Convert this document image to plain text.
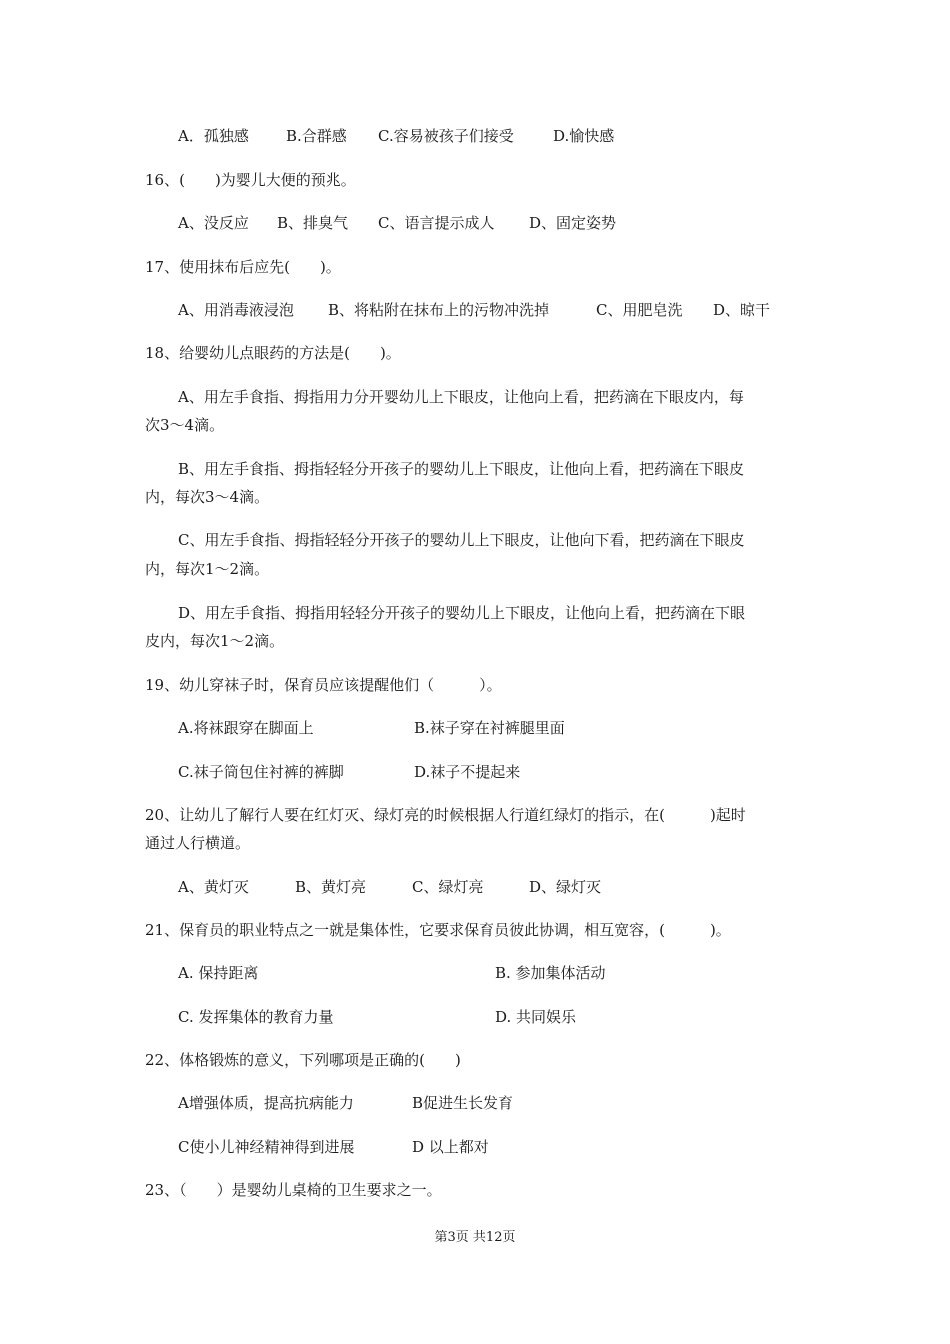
A．孤独感 B.合群感 C.容易被孩子们接受	D.愉快感
16、(　　)为婴儿大便的预兆。
A、没反应 B、排臭气 C、语言提示成人 D、固定姿势
17、使用抹布后应先(　　)。
A、用消毒液浸泡 B、将粘附在抹布上的污物冲洗掉	C、用肥皂洗 D、晾干
18、给婴幼儿点眼药的方法是(　　)。
A、用左手食指、拇指用力分开婴幼儿上下眼皮，让他向上看，把药滴在下眼皮内，每
次3～4滴。
B、用左手食指、拇指轻轻分开孩子的婴幼儿上下眼皮，让他向上看，把药滴在下眼皮
内，每次3～4滴。
C、用左手食指、拇指轻轻分开孩子的婴幼儿上下眼皮，让他向下看，把药滴在下眼皮
内，每次1～2滴。
D、用左手食指、拇指用轻轻分开孩子的婴幼儿上下眼皮，让他向上看，把药滴在下眼
皮内，每次1～2滴。
19、幼儿穿袜子时，保育员应该提醒他们（　　　）。
A.将袜跟穿在脚面上	B.袜子穿在衬裤腿里面
C.袜子筒包住衬裤的裤脚	D.袜子不提起来
20、让幼儿了解行人要在红灯灭、绿灯亮的时候根据人行道红绿灯的指示，在(　　　)起时
通过人行横道。
A、黄灯灭	B、黄灯亮	C、绿灯亮	D、绿灯灭
21、保育员的职业特点之一就是集体性，它要求保育员彼此协调，相互宽容，(　　　)。
A. 保持距离	B. 参加集体活动
C. 发挥集体的教育力量	D. 共同娱乐
22、体格锻炼的意义，下列哪项是正确的(　　)
A增强体质，提高抗病能力	B促进生长发育
C使小儿神经精神得到进展	D 以上都对
23、（　　）是婴幼儿桌椅的卫生要求之一。
第3页 共12页
